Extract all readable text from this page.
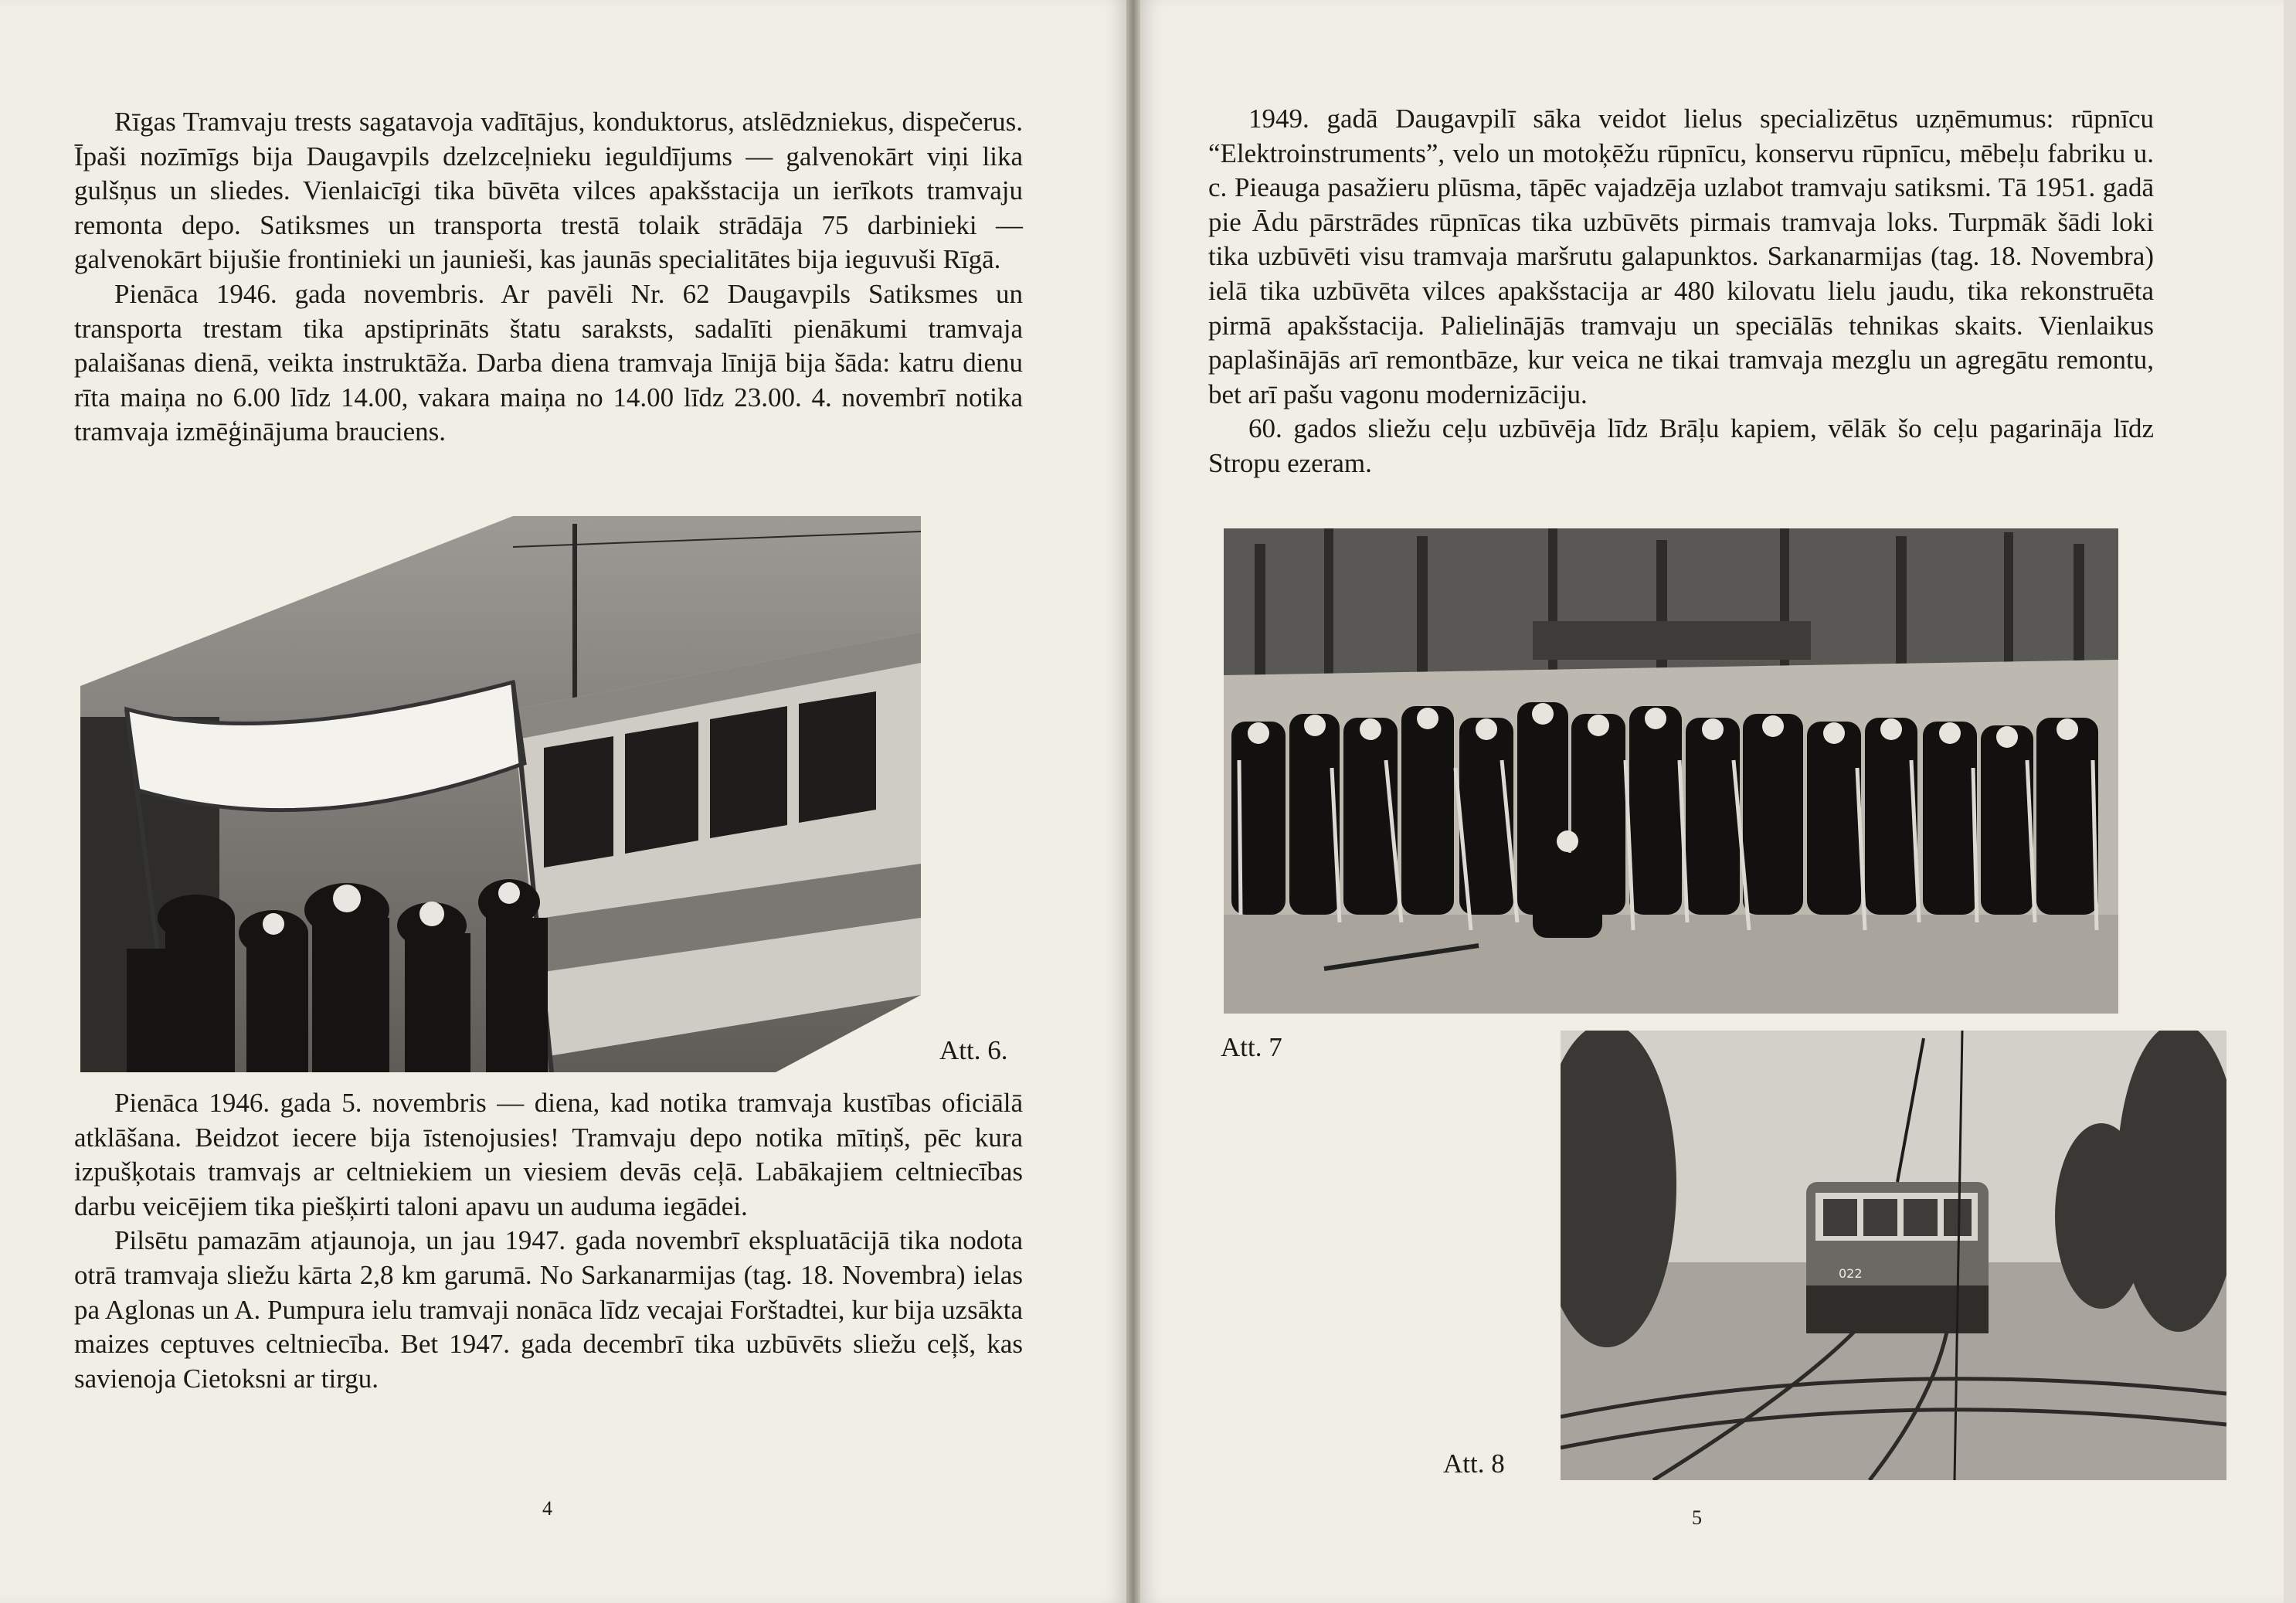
Rīgas Tramvaju trests sagatavoja vadītājus, konduktorus, atslēdzniekus, dispečerus. Īpaši nozīmīgs bija Daugavpils dzelzceļnieku ieguldījums — galvenokārt viņi lika gulšņus un sliedes. Vienlaicīgi tika būvēta vilces apakšstacija un ierīkots tramvaju remonta depo. Satiksmes un transporta trestā tolaik strādāja 75 darbinieki — galvenokārt bijušie frontinieki un jaunieši, kas jaunās specialitātes bija ieguvuši Rīgā.

Pienāca 1946. gada novembris. Ar pavēli Nr. 62 Daugavpils Satiksmes un transporta trestam tika apstiprināts štatu saraksts, sadalīti pienākumi tramvaja palaišanas dienā, veikta instruktāža. Darba diena tramvaja līnijā bija šāda: katru dienu rīta maiņa no 6.00 līdz 14.00, vakara maiņa no 14.00 līdz 23.00. 4. novembrī notika tramvaja izmēģinājuma brauciens.

Att. 6.

Pienāca 1946. gada 5. novembris — diena, kad notika tramvaja kustības oficiālā atklāšana. Beidzot iecere bija īstenojusies! Tramvaju depo notika mītiņš, pēc kura izpušķotais tramvajs ar celtniekiem un viesiem devās ceļā. Labākajiem celtniecības darbu veicējiem tika piešķirti taloni apavu un auduma iegādei.

Pilsētu pamazām atjaunoja, un jau 1947. gada novembrī ekspluatācijā tika nodota otrā tramvaja sliežu kārta 2,8 km garumā. No Sarkanarmijas (tag. 18. Novembra) ielas pa Aglonas un A. Pumpura ielu tramvaji nonāca līdz vecajai Forštadtei, kur bija uzsākta maizes ceptuves celtniecība. Bet 1947. gada decembrī tika uzbūvēts sliežu ceļš, kas savienoja Cietoksni ar tirgu.

4

1949. gadā Daugavpilī sāka veidot lielus specializētus uzņēmumus: rūpnīcu “Elektroinstruments”, velo un motoķēžu rūpnīcu, konservu rūpnīcu, mēbeļu fabriku u. c. Pieauga pasažieru plūsma, tāpēc vajadzēja uzlabot tramvaju satiksmi. Tā 1951. gadā pie Ādu pārstrādes rūpnīcas tika uzbūvēts pirmais tramvaja loks. Turpmāk šādi loki tika uzbūvēti visu tramvaja maršrutu galapunktos. Sarkanarmijas (tag. 18. Novembra) ielā tika uzbūvēta vilces apakšstacija ar 480 kilovatu lielu jaudu, tika rekonstruēta pirmā apakšstacija. Palielinājās tramvaju un speciālās tehnikas skaits. Vienlaikus paplašinājās arī remontbāze, kur veica ne tikai tramvaja mezglu un agregātu remontu, bet arī pašu vagonu modernizāciju.

60. gados sliežu ceļu uzbūvēja līdz Brāļu kapiem, vēlāk šo ceļu pagarināja līdz Stropu ezeram.

Att. 7
022
Att. 8
5
